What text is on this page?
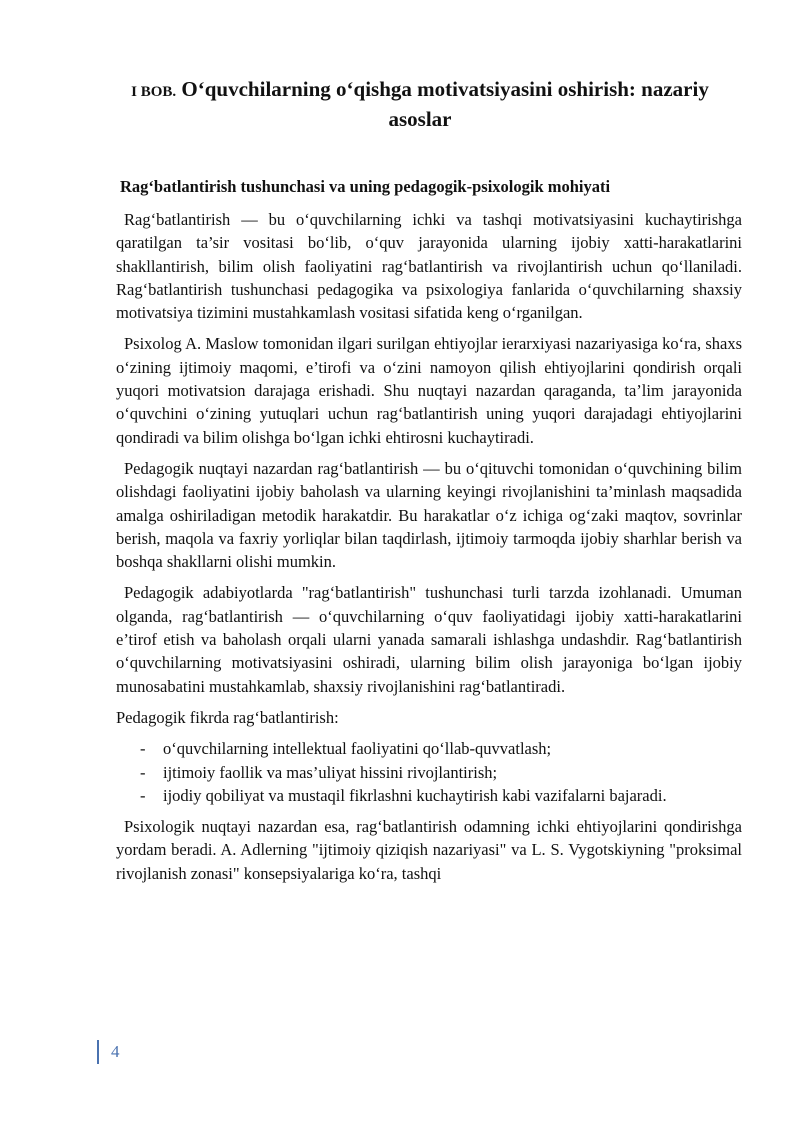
I BOB. O‘quvchilarning o‘qishga motivatsiyasini oshirish: nazariy asoslar
Rag‘batlantirish tushunchasi va uning pedagogik-psixologik mohiyati

Rag‘batlantirish — bu o‘quvchilarning ichki va tashqi motivatsiyasini kuchaytirishga qaratilgan ta’sir vositasi bo‘lib, o‘quv jarayonida ularning ijobiy xatti-harakatlarini shakllantirish, bilim olish faoliyatini rag‘batlantirish va rivojlantirish uchun qo‘llaniladi. Rag‘batlantirish tushunchasi pedagogika va psixologiya fanlarida o‘quvchilarning shaxsiy motivatsiya tizimini mustahkamlash vositasi sifatida keng o‘rganilgan.

Psixolog A. Maslow tomonidan ilgari surilgan ehtiyojlar ierarxiyasi nazariyasiga ko‘ra, shaxs o‘zining ijtimoiy maqomi, e’tirofi va o‘zini namoyon qilish ehtiyojlarini qondirish orqali yuqori motivatsion darajaga erishadi. Shu nuqtayi nazardan qaraganda, ta’lim jarayonida o‘quvchini o‘zining yutuqlari uchun rag‘batlantirish uning yuqori darajadagi ehtiyojlarini qondiradi va bilim olishga bo‘lgan ichki ehtirosni kuchaytiradi.

Pedagogik nuqtayi nazardan rag‘batlantirish — bu o‘qituvchi tomonidan o‘quvchining bilim olishdagi faoliyatini ijobiy baholash va ularning keyingi rivojlanishini ta’minlash maqsadida amalga oshiriladigan metodik harakatdir. Bu harakatlar o‘z ichiga og‘zaki maqtov, sovrinlar berish, maqola va faxriy yorliqlar bilan taqdirlash, ijtimoiy tarmoqda ijobiy sharhlar berish va boshqa shakllarni olishi mumkin.

Pedagogik adabiyotlarda "rag‘batlantirish" tushunchasi turli tarzda izohlanadi. Umuman olganda, rag‘batlantirish — o‘quvchilarning o‘quv faoliyatidagi ijobiy xatti-harakatlarini e’tirof etish va baholash orqali ularni yanada samarali ishlashga undashdir. Rag‘batlantirish o‘quvchilarning motivatsiyasini oshiradi, ularning bilim olish jarayoniga bo‘lgan ijobiy munosabatini mustahkamlab, shaxsiy rivojlanishini rag‘batlantiradi.

Pedagogik fikrda rag‘batlantirish:

- o‘quvchilarning intellektual faoliyatini qo‘llab-quvvatlash;
- ijtimoiy faollik va mas’uliyat hissini rivojlantirish;
- ijodiy qobiliyat va mustaqil fikrlashni kuchaytirish kabi vazifalarni bajaradi.

Psixologik nuqtayi nazardan esa, rag‘batlantirish odamning ichki ehtiyojlarini qondirishga yordam beradi. A. Adlerning "ijtimoiy qiziqish nazariyasi" va L. S. Vygotskiyning "proksimal rivojlanish zonasi" konsepsiyalariga ko‘ra, tashqi

4
